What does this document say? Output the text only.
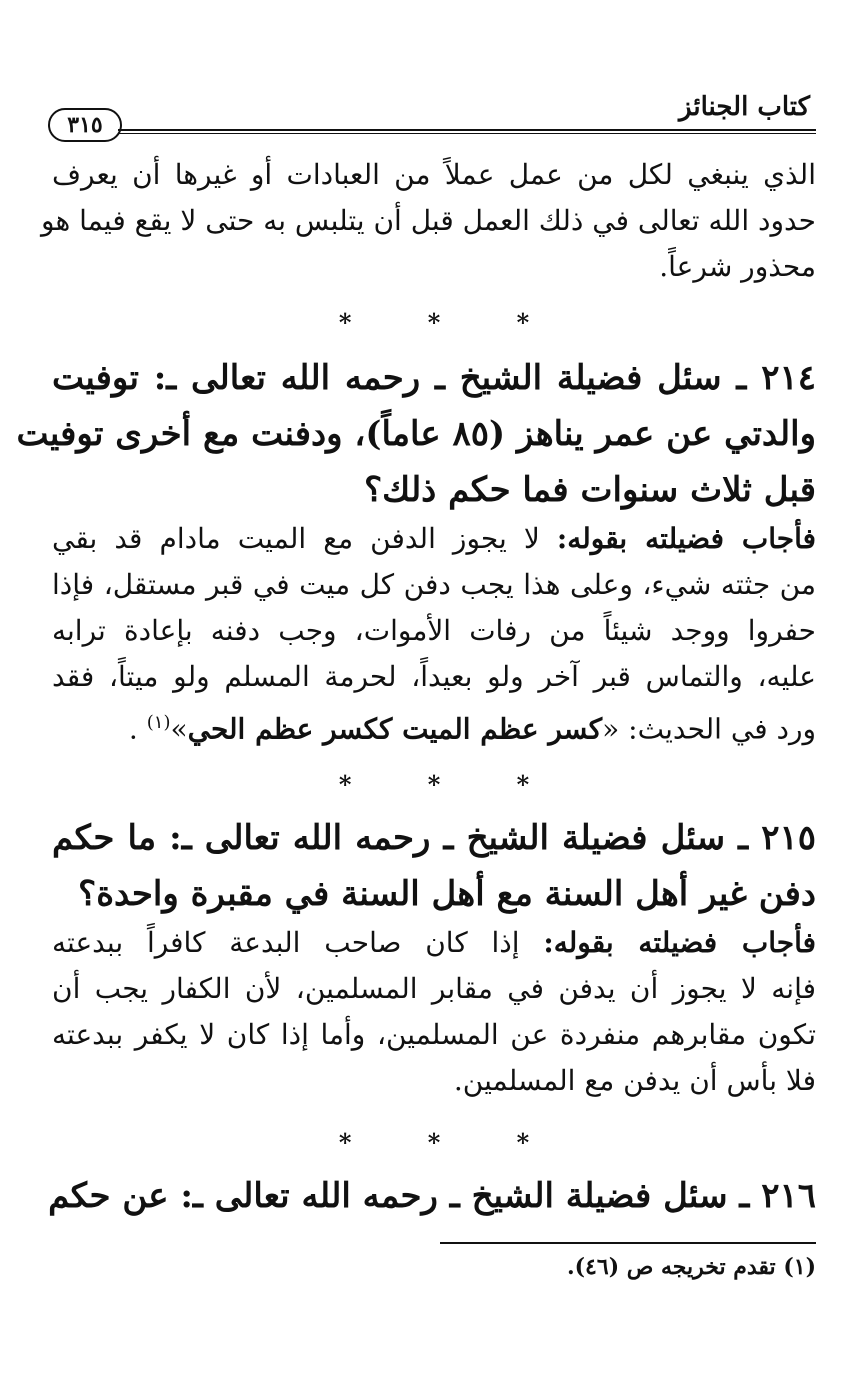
كتاب الجنائز
٣١٥
الذي ينبغي لكل من عمل عملاً من العبادات أو غيرها أن يعرف
حدود الله تعالى في ذلك العمل قبل أن يتلبس به حتى لا يقع فيما هو
محذور شرعاً.
* * *
٢١٤ ـ سئل فضيلة الشيخ ـ رحمه الله تعالى ـ: توفيت
والدتي عن عمر يناهز (٨٥ عاماً)، ودفنت مع أخرى توفيت
قبل ثلاث سنوات فما حكم ذلك؟
فأجاب فضيلته بقوله: لا يجوز الدفن مع الميت مادام قد بقي
من جثته شيء، وعلى هذا يجب دفن كل ميت في قبر مستقل، فإذا
حفروا ووجد شيئاً من رفات الأموات، وجب دفنه بإعادة ترابه
عليه، والتماس قبر آخر ولو بعيداً، لحرمة المسلم ولو ميتاً، فقد
ورد في الحديث: «كسر عظم الميت ككسر عظم الحي»$^{(١)}$ .
* * *
٢١٥ ـ سئل فضيلة الشيخ ـ رحمه الله تعالى ـ: ما حكم
دفن غير أهل السنة مع أهل السنة في مقبرة واحدة؟
فأجاب فضيلته بقوله: إذا كان صاحب البدعة كافراً ببدعته
فإنه لا يجوز أن يدفن في مقابر المسلمين، لأن الكفار يجب أن
تكون مقابرهم منفردة عن المسلمين، وأما إذا كان لا يكفر ببدعته
فلا بأس أن يدفن مع المسلمين.
* * *
٢١٦ ـ سئل فضيلة الشيخ ـ رحمه الله تعالى ـ: عن حكم
(١) تقدم تخريجه ص (٤٦).
